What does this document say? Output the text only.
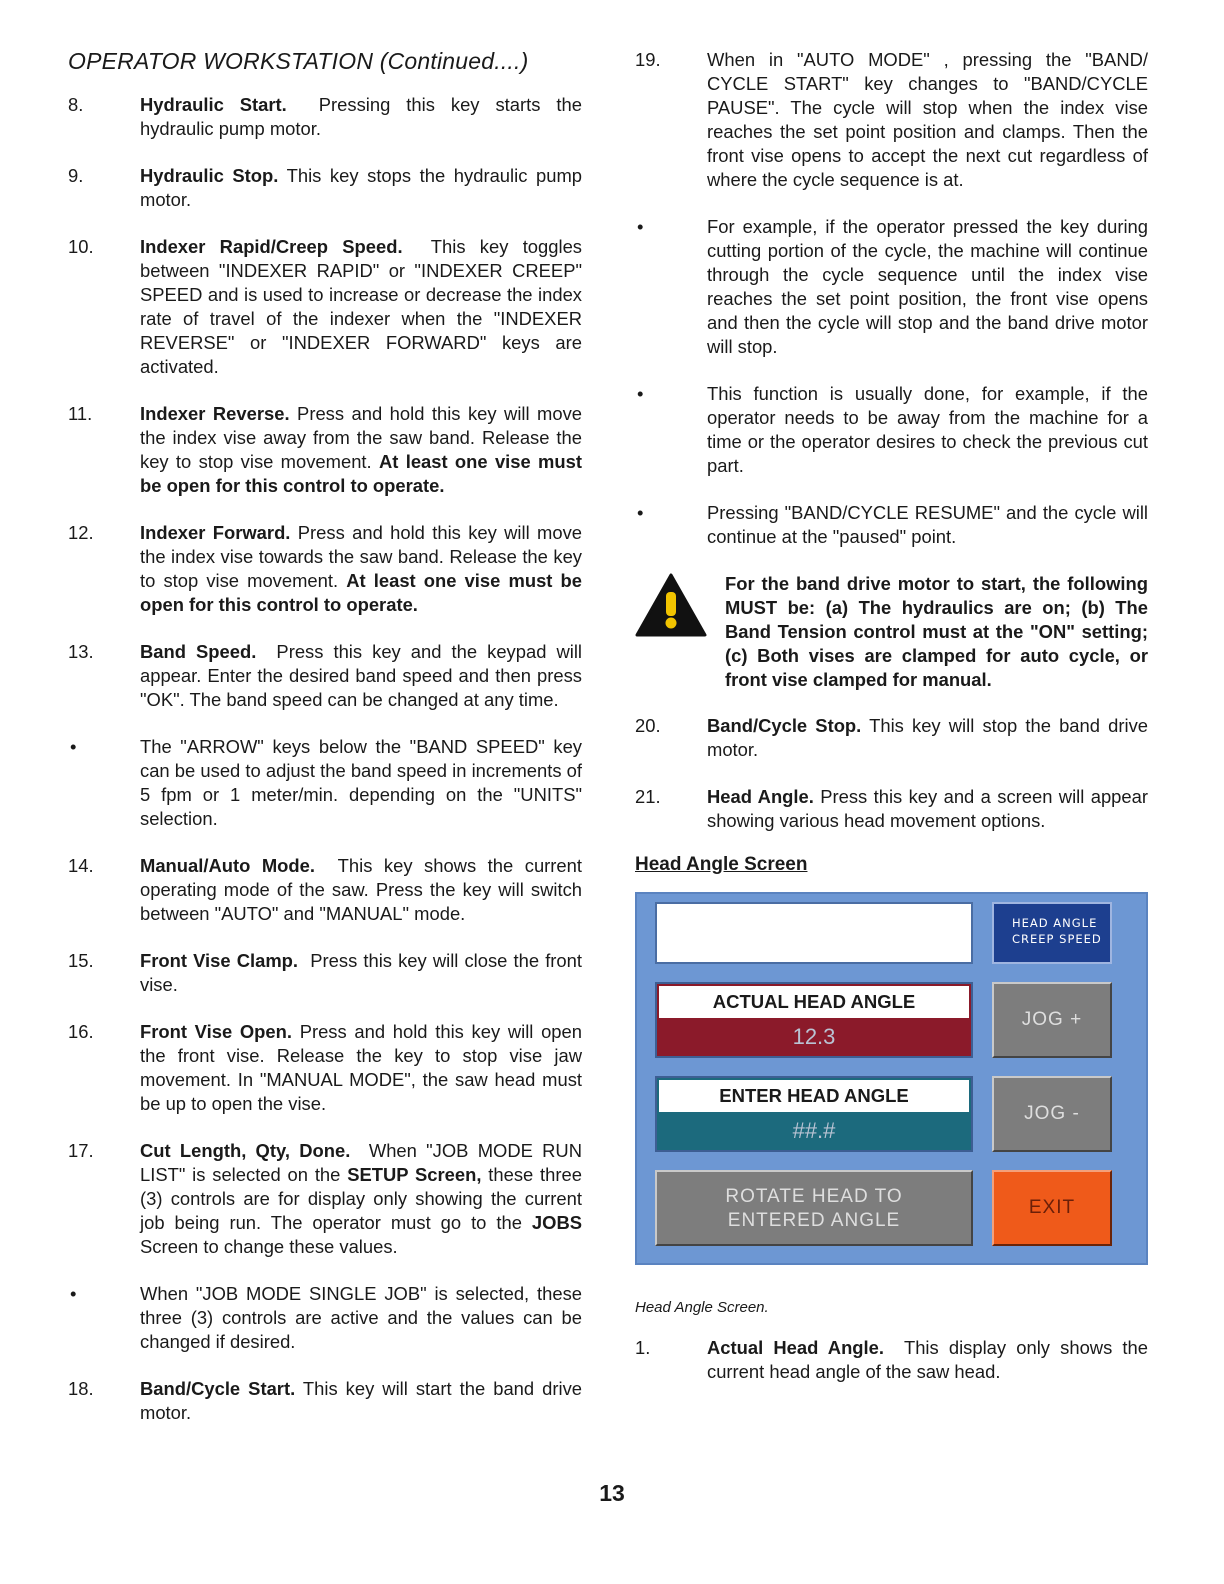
OPERATOR WORKSTATION (Continued....)
8.	Hydraulic Start. Pressing this key starts the hydraulic pump motor.
9.	Hydraulic Stop. This key stops the hydraulic pump motor.
10.	Indexer Rapid/Creep Speed. This key toggles between "INDEXER RAPID" or "INDEXER CREEP" SPEED and is used to increase or decrease the index rate of travel of the indexer when the "INDEXER REVERSE" or "INDEXER FORWARD" keys are activated.
11.	Indexer Reverse. Press and hold this key will move the index vise away from the saw band. Release the key to stop vise movement. At least one vise must be open for this control to operate.
12.	Indexer Forward. Press and hold this key will move the index vise towards the saw band. Release the key to stop vise movement. At least one vise must be open for this control to operate.
13.	Band Speed. Press this key and the keypad will appear. Enter the desired band speed and then press "OK". The band speed can be changed at any time.
•	The "ARROW" keys below the "BAND SPEED" key can be used to adjust the band speed in increments of 5 fpm or 1 meter/min. depending on the "UNITS" selection.
14.	Manual/Auto Mode. This key shows the current operating mode of the saw. Press the key will switch between "AUTO" and "MANUAL" mode.
15.	Front Vise Clamp. Press this key will close the front vise.
16.	Front Vise Open. Press and hold this key will open the front vise. Release the key to stop vise jaw movement. In "MANUAL MODE", the saw head must be up to open the vise.
17.	Cut Length, Qty, Done. When "JOB MODE RUN LIST" is selected on the SETUP Screen, these three (3) controls are for display only showing the current job being run. The operator must go to the JOBS Screen to change these values.
•	When "JOB MODE SINGLE JOB" is selected, these three (3) controls are active and the values can be changed if desired.
18.	Band/Cycle Start. This key will start the band drive motor.
19.	When in "AUTO MODE" , pressing the "BAND/ CYCLE START" key changes to "BAND/CYCLE PAUSE". The cycle will stop when the index vise reaches the set point position and clamps. Then the front vise opens to accept the next cut regardless of where the cycle sequence is at.
•	For example, if the operator pressed the key during cutting portion of the cycle, the machine will continue through the cycle sequence until the index vise reaches the set point position, the front vise opens and then the cycle will stop and the band drive motor will stop.
•	This function is usually done, for example, if the operator needs to be away from the machine for a time or the operator desires to check the previous cut part.
•	Pressing "BAND/CYCLE RESUME" and the cycle will continue at the "paused" point.
For the band drive motor to start, the following MUST be: (a) The hydraulics are on; (b) The Band Tension control must at the "ON" setting; (c) Both vises are clamped for auto cycle, or front vise clamped for manual.
20.	Band/Cycle Stop. This key will stop the band drive motor.
21.	Head Angle. Press this key and a screen will appear showing various head movement options.
Head Angle Screen
HEAD ANGLE
CREEP SPEED
ACTUAL HEAD ANGLE
12.3
JOG +
ENTER HEAD ANGLE
##.#
JOG -
ROTATE HEAD TO
ENTERED ANGLE
EXIT
Head Angle Screen.
1.	Actual Head Angle. This display only shows the current head angle of the saw head.
13
